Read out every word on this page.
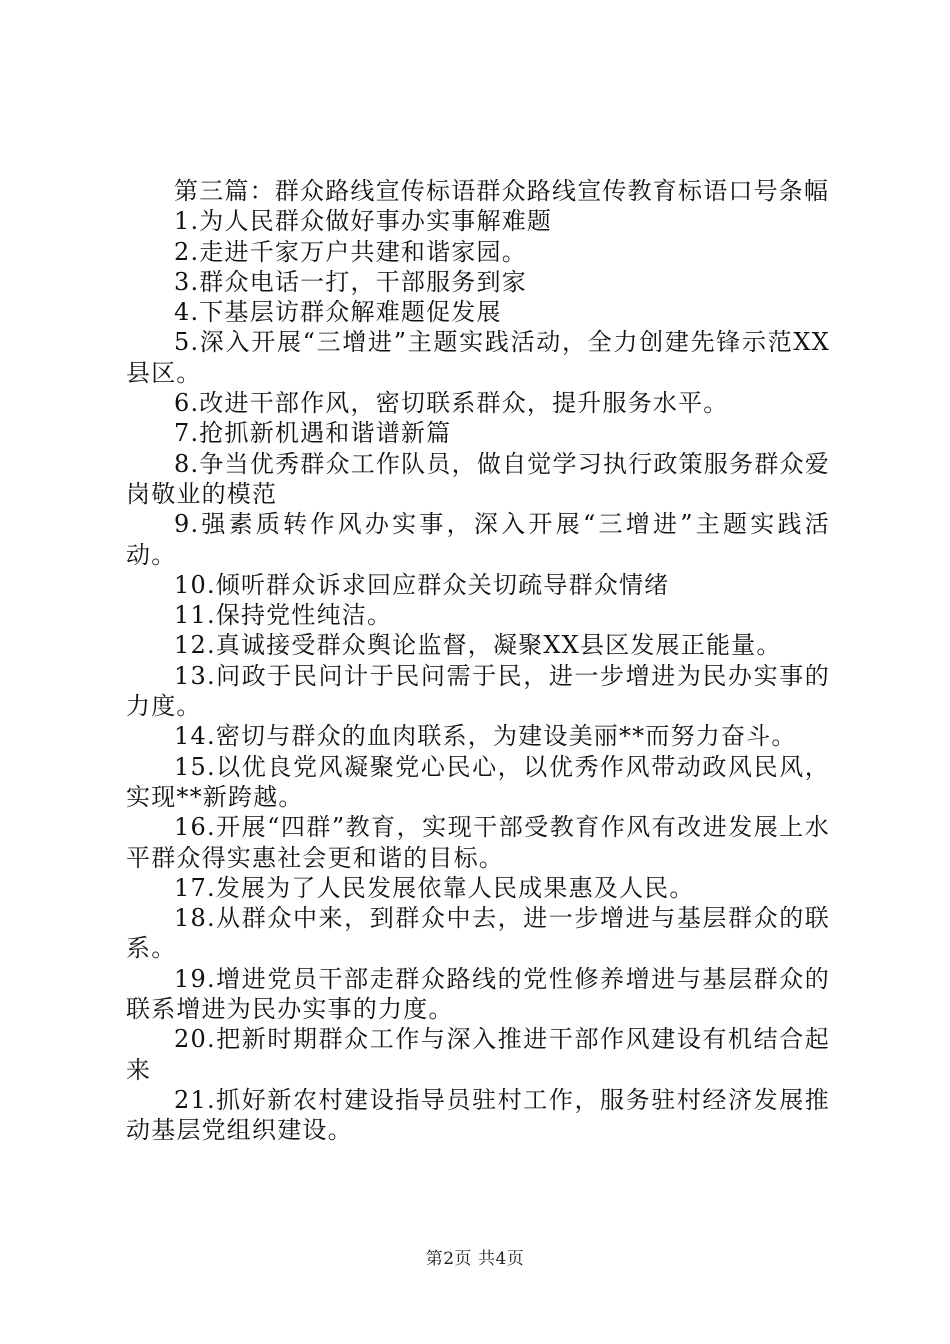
第三篇：群众路线宣传标语群众路线宣传教育标语口号条幅

1.为人民群众做好事办实事解难题

2.走进千家万户共建和谐家园。

3.群众电话一打，干部服务到家

4.下基层访群众解难题促发展

5.深入开展“三增进”主题实践活动，全力创建先锋示范XX县区。

6.改进干部作风，密切联系群众，提升服务水平。

7.抢抓新机遇和谐谱新篇

8.争当优秀群众工作队员，做自觉学习执行政策服务群众爱岗敬业的模范

9.强素质转作风办实事，深入开展“三增进”主题实践活动。

10.倾听群众诉求回应群众关切疏导群众情绪

11.保持党性纯洁。

12.真诚接受群众舆论监督，凝聚XX县区发展正能量。

13.问政于民问计于民问需于民，进一步增进为民办实事的力度。

14.密切与群众的血肉联系，为建设美丽**而努力奋斗。

15.以优良党风凝聚党心民心，以优秀作风带动政风民风，实现**新跨越。

16.开展“四群”教育，实现干部受教育作风有改进发展上水平群众得实惠社会更和谐的目标。

17.发展为了人民发展依靠人民成果惠及人民。

18.从群众中来，到群众中去，进一步增进与基层群众的联系。

19.增进党员干部走群众路线的党性修养增进与基层群众的联系增进为民办实事的力度。

20.把新时期群众工作与深入推进干部作风建设有机结合起来

21.抓好新农村建设指导员驻村工作，服务驻村经济发展推动基层党组织建设。

第2页 共4页
